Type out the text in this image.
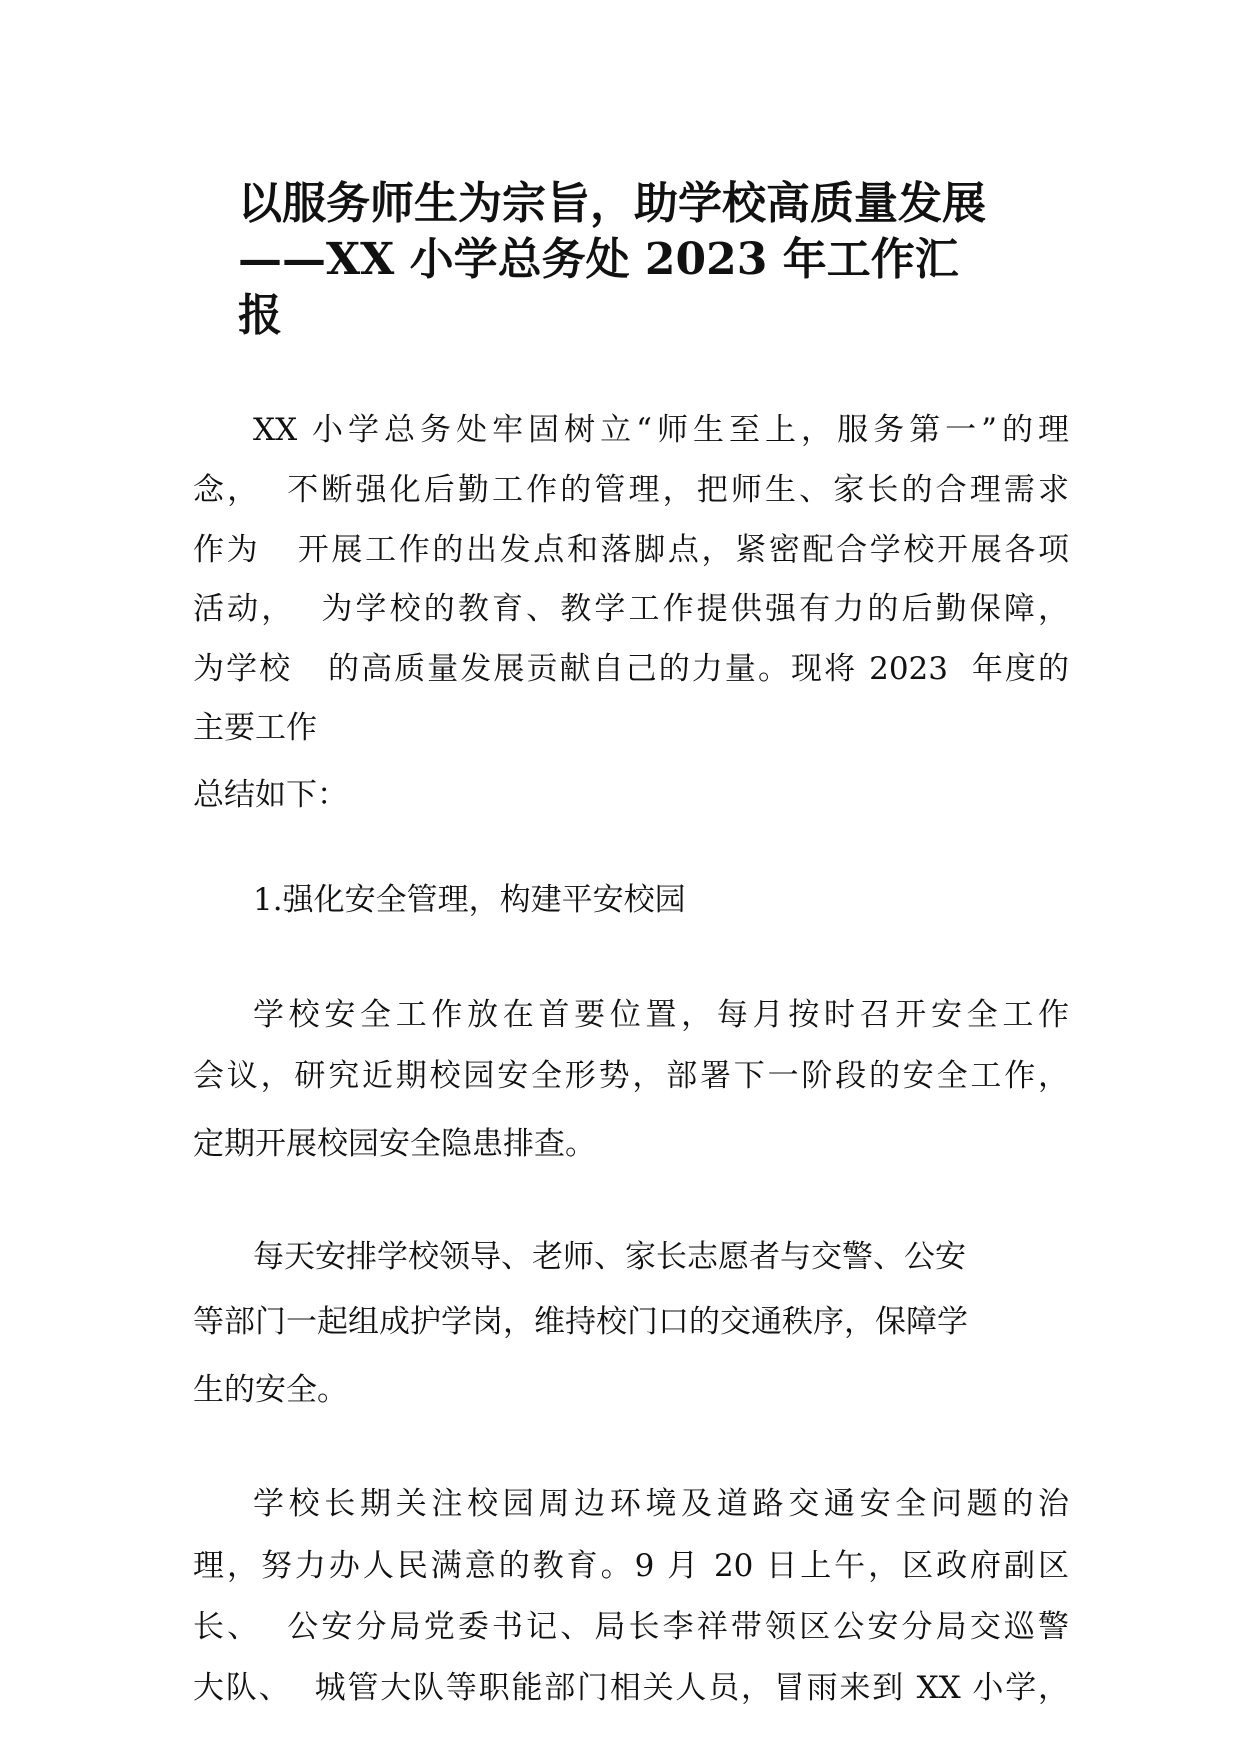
以服务师生为宗旨，助学校高质量发展
——XX 小学总务处 2023 年工作汇
报

XX 小学总务处牢固树立“师生至上，服务第一”的理

念，  不断强化后勤工作的管理，把师生、家长的合理需求

作为   开展工作的出发点和落脚点，紧密配合学校开展各项

活动，  为学校的教育、教学工作提供强有力的后勤保障，

为学校   的高质量发展贡献自己的力量。现将 2023  年度的

主要工作

总结如下：

1.强化安全管理，构建平安校园

学校安全工作放在首要位置，每月按时召开安全工作

会议，研究近期校园安全形势，部署下一阶段的安全工作，

定期开展校园安全隐患排查。

每天安排学校领导、老师、家长志愿者与交警、公安

等部门一起组成护学岗，维持校门口的交通秩序，保障学

生的安全。

学校长期关注校园周边环境及道路交通安全问题的治

理，努力办人民满意的教育。9 月 20 日上午，区政府副区

长、  公安分局党委书记、局长李祥带领区公安分局交巡警

大队、  城管大队等职能部门相关人员，冒雨来到 XX 小学，
